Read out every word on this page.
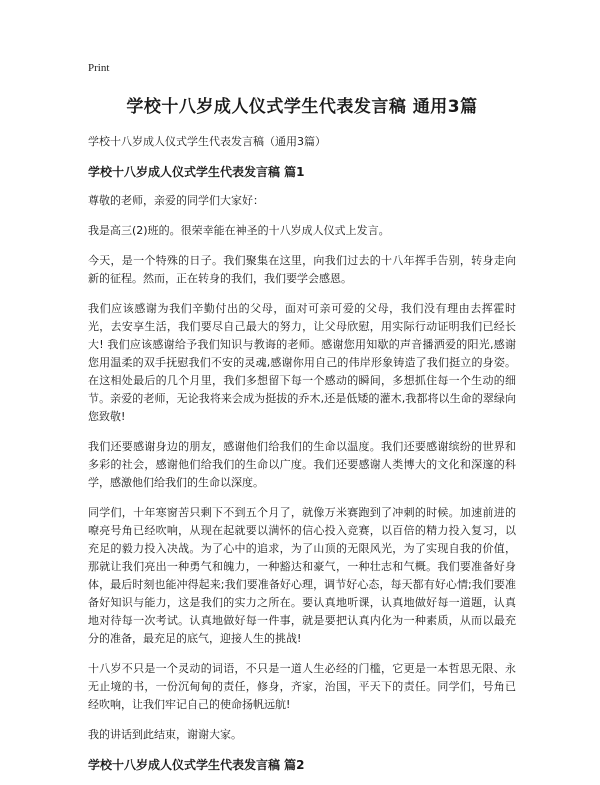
Print
学校十八岁成人仪式学生代表发言稿 通用3篇
学校十八岁成人仪式学生代表发言稿（通用3篇）
学校十八岁成人仪式学生代表发言稿 篇1

尊敬的老师，亲爱的同学们大家好：

我是高三(2)班的。很荣幸能在神圣的十八岁成人仪式上发言。

今天，是一个特殊的日子。我们聚集在这里，向我们过去的十八年挥手告别，转身走向新的征程。然而，正在转身的我们，我们要学会感恩。

我们应该感谢为我们辛勤付出的父母，面对可亲可爱的父母，我们没有理由去挥霍时光，去安享生活，我们要尽自己最大的努力，让父母欣慰，用实际行动证明我们已经长大! 我们应该感谢给予我们知识与教诲的老师。感谢您用知歇的声音播洒爱的阳光,感谢您用温柔的双手抚慰我们不安的灵魂,感谢你用自己的伟岸形象铸造了我们挺立的身姿。在这相处最后的几个月里，我们多想留下每一个感动的瞬间，多想抓住每一个生动的细节。亲爱的老师，无论我将来会成为挺拔的乔木,还是低矮的灌木,我都将以生命的翠绿向您致敬!

我们还要感谢身边的朋友，感谢他们给我们的生命以温度。我们还要感谢缤纷的世界和多彩的社会，感谢他们给我们的生命以广度。我们还要感谢人类博大的文化和深邃的科学，感激他们给我们的生命以深度。

同学们，十年寒窗苦只剩下不到五个月了，就像万米赛跑到了冲刺的时候。加速前进的嘹亮号角已经吹响，从现在起就要以满怀的信心投入竞赛，以百倍的精力投入复习，以充足的毅力投入决战。为了心中的追求，为了山顶的无限风光，为了实现自我的价值，那就让我们亮出一种勇气和魄力，一种豁达和豪气，一种壮志和气概。我们要准备好身体，最后时刻也能冲得起来;我们要准备好心理，调节好心态，每天都有好心情;我们要准备好知识与能力，这是我们的实力之所在。要认真地听课，认真地做好每一道题，认真地对待每一次考试。认真地做好每一件事，就是要把认真内化为一种素质，从而以最充分的准备，最充足的底气，迎接人生的挑战!

十八岁不只是一个灵动的词语，不只是一道人生必经的门槛，它更是一本哲思无限、永无止境的书，一份沉甸甸的责任，修身，齐家，治国，平天下的责任。同学们，号角已经吹响，让我们牢记自己的使命扬帆远航!

我的讲话到此结束，谢谢大家。

学校十八岁成人仪式学生代表发言稿 篇2
